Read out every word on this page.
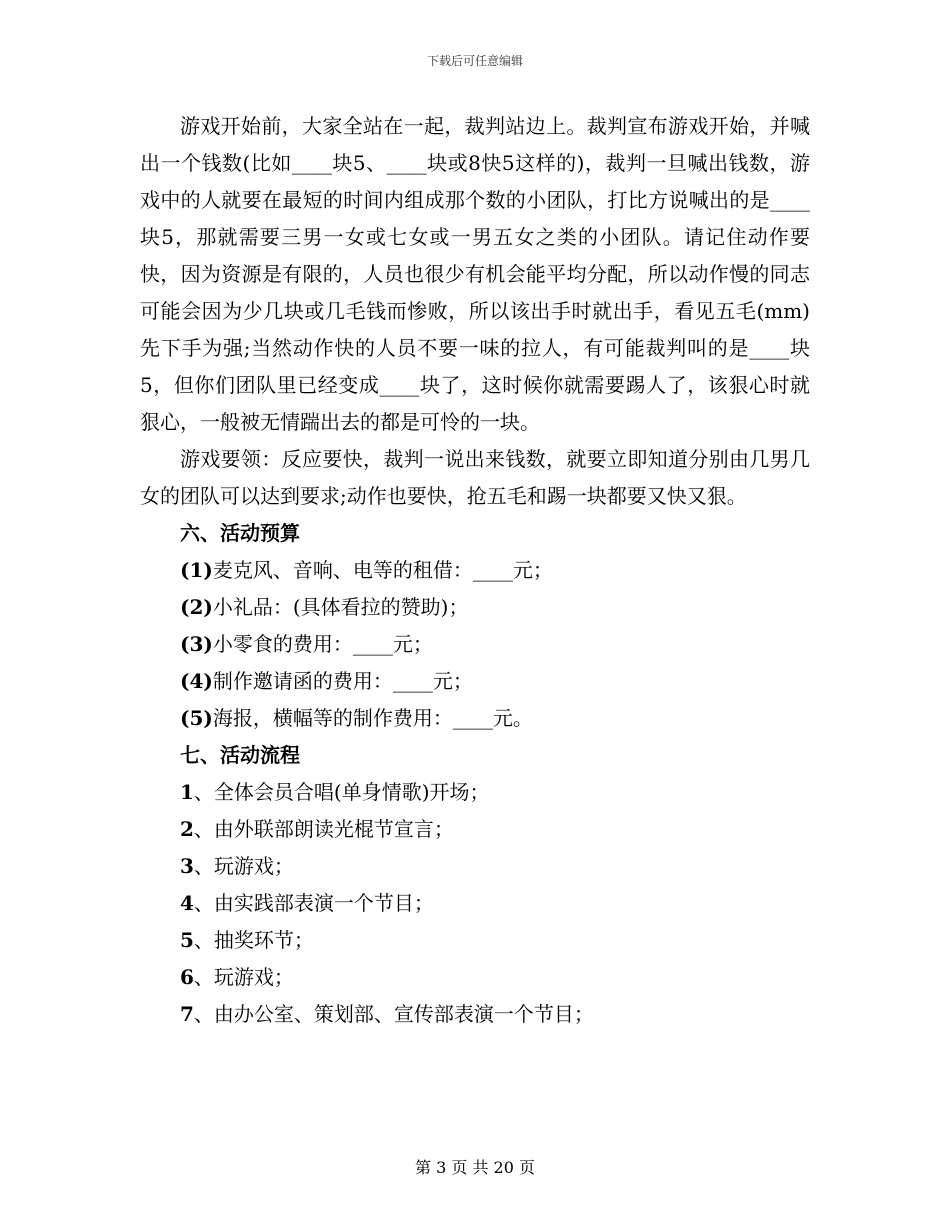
下载后可任意编辑

游戏开始前，大家全站在一起，裁判站边上。裁判宣布游戏开始，并喊出一个钱数(比如____块5、____块或8快5这样的)，裁判一旦喊出钱数，游戏中的人就要在最短的时间内组成那个数的小团队，打比方说喊出的是____块5，那就需要三男一女或七女或一男五女之类的小团队。请记住动作要快，因为资源是有限的，人员也很少有机会能平均分配，所以动作慢的同志可能会因为少几块或几毛钱而惨败，所以该出手时就出手，看见五毛(mm)先下手为强;当然动作快的人员不要一味的拉人，有可能裁判叫的是____块5，但你们团队里已经变成____块了，这时候你就需要踢人了，该狠心时就狠心，一般被无情踹出去的都是可怜的一块。

游戏要领：反应要快，裁判一说出来钱数，就要立即知道分别由几男几女的团队可以达到要求;动作也要快，抢五毛和踢一块都要又快又狠。

六、活动预算
(1)麦克风、音响、电等的租借：____元；
(2)小礼品：(具体看拉的赞助)；
(3)小零食的费用：____元；
(4)制作邀请函的费用：____元；
(5)海报，横幅等的制作费用：____元。
七、活动流程
1、全体会员合唱(单身情歌)开场；
2、由外联部朗读光棍节宣言；
3、玩游戏；
4、由实践部表演一个节目；
5、抽奖环节；
6、玩游戏；
7、由办公室、策划部、宣传部表演一个节目；
第 3 页 共 20 页
